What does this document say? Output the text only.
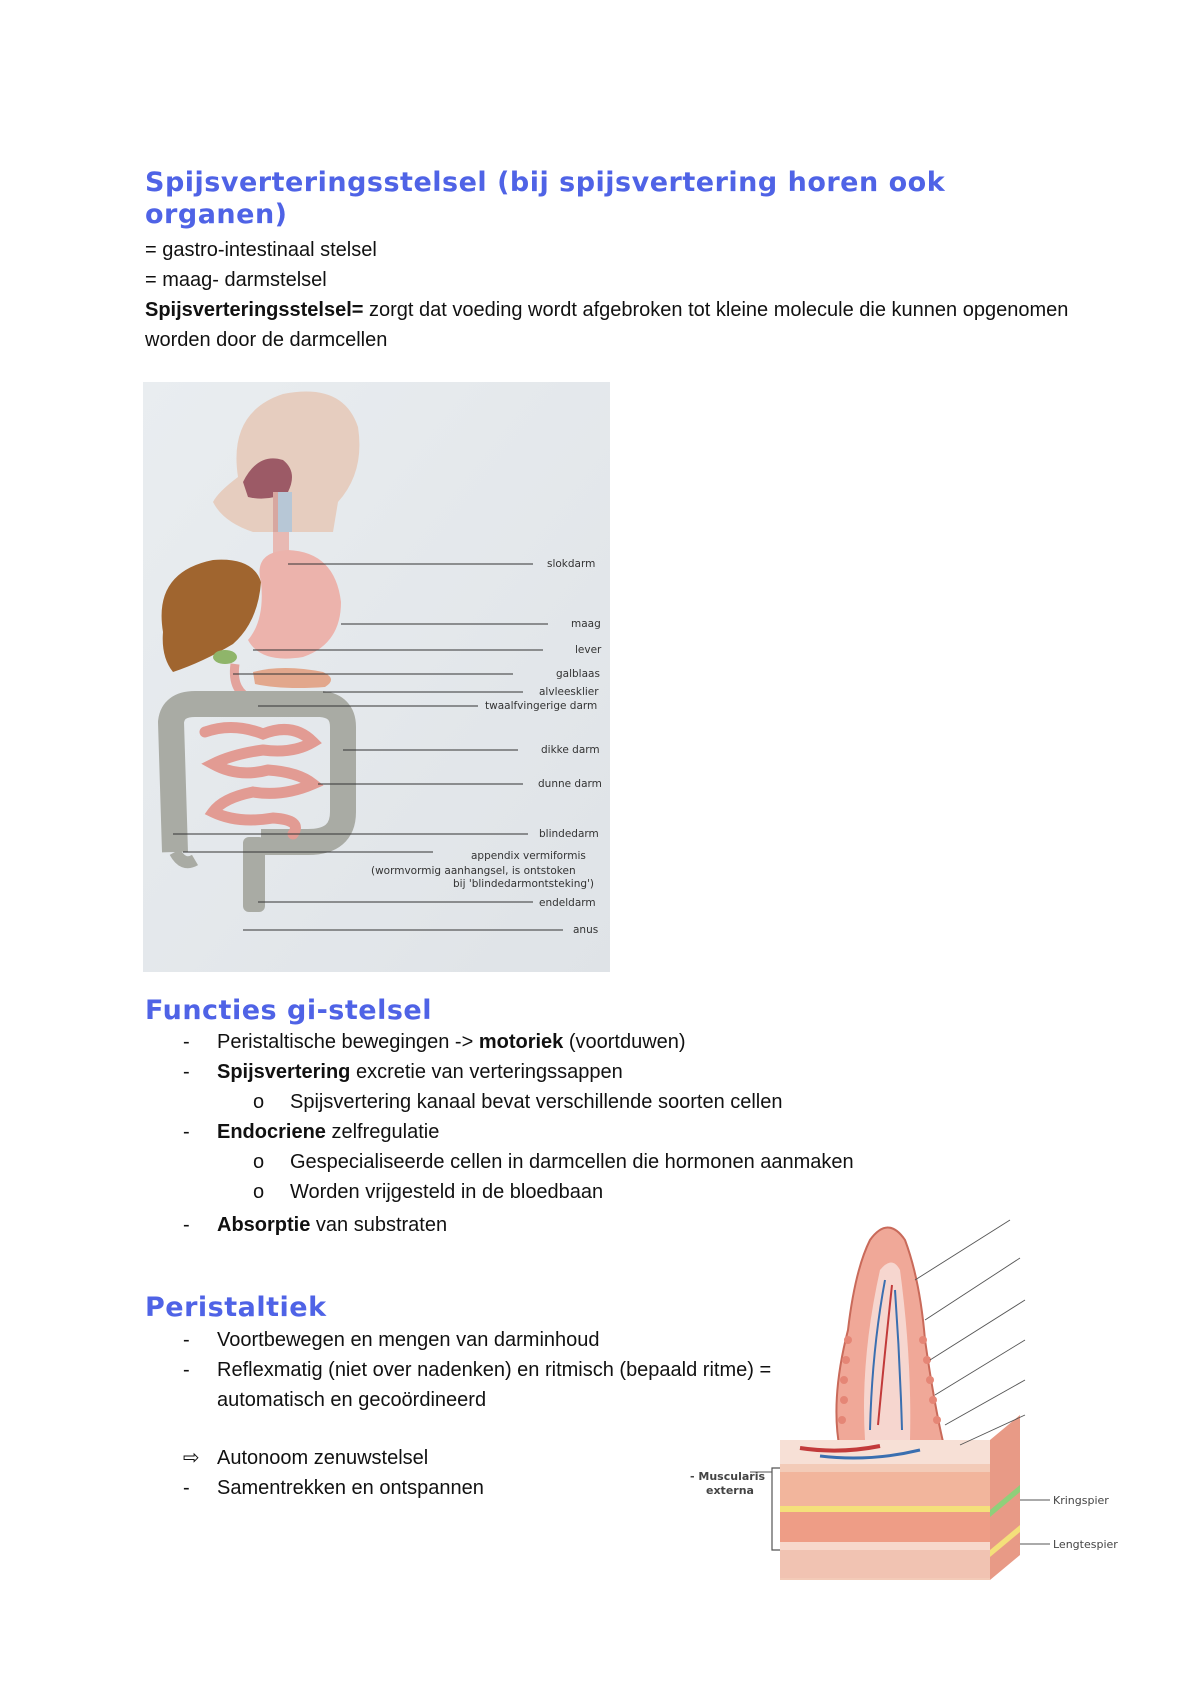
Spijsverteringsstelsel (bij spijsvertering horen ook organen)
= gastro-intestinaal stelsel
= maag- darmstelsel
Spijsverteringsstelsel= zorgt dat voeding wordt afgebroken tot kleine molecule die kunnen opgenomen worden door de darmcellen
slokdarm
maag
lever
galblaas
alvleesklier
twaalfvingerige darm
dikke darm
dunne darm
blindedarm
appendix vermiformis
(wormvormig aanhangsel, is ontstoken
bij 'blindedarmontsteking')
endeldarm
anus
Functies gi-stelsel
- Peristaltische bewegingen -> motoriek (voortduwen)
- Spijsvertering excretie van verteringssappen
o Spijsvertering kanaal bevat verschillende soorten cellen
- Endocriene zelfregulatie
o Gespecialiseerde cellen in darmcellen die hormonen aanmaken
o Worden vrijgesteld in de bloedbaan
- Absorptie van substraten
Peristaltiek
- Voortbewegen en mengen van darminhoud
- Reflexmatig (niet over nadenken) en ritmisch (bepaald ritme) = automatisch en gecoördineerd
⇨ Autonoom zenuwstelsel
- Samentrekken en ontspannen
- Muscularis
externa
Kringspier
Lengtespier
